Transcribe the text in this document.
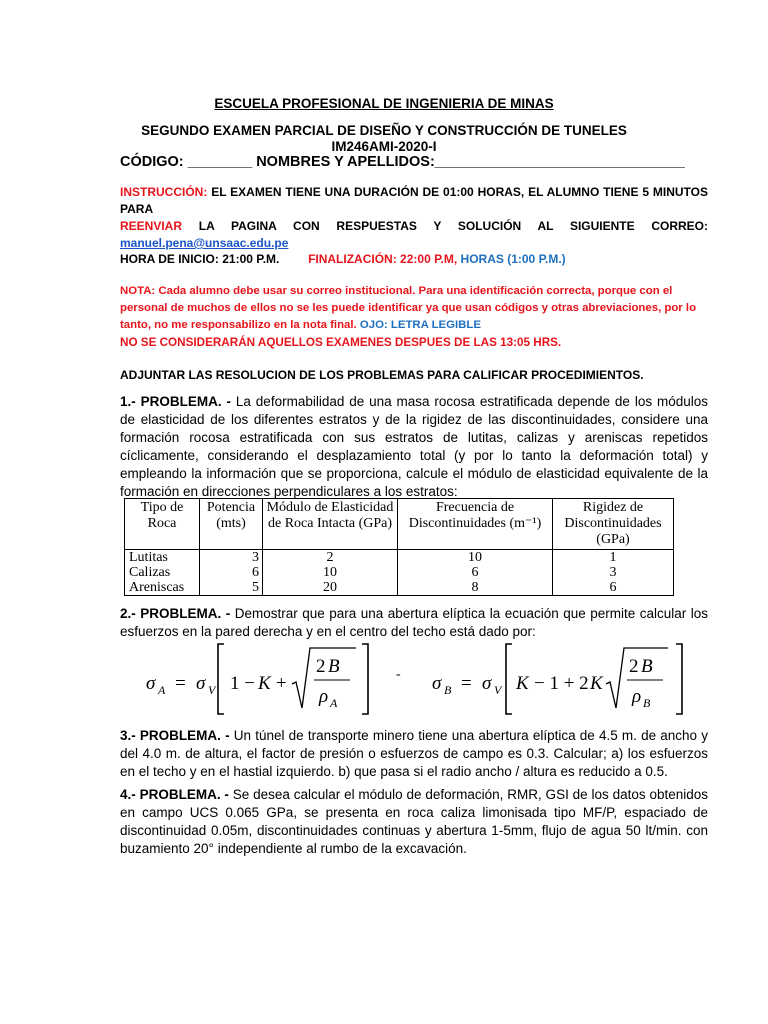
ESCUELA PROFESIONAL DE INGENIERIA DE MINAS
SEGUNDO EXAMEN PARCIAL DE DISEÑO Y CONSTRUCCIÓN DE TUNELES
IM246AMI-2020-I
CÓDIGO: ________ NOMBRES Y APELLIDOS:_______________________________
INSTRUCCIÓN: EL EXAMEN TIENE UNA DURACIÓN DE 01:00 HORAS, EL ALUMNO TIENE 5 MINUTOS PARA
REENVIAR LA PAGINA CON RESPUESTAS Y SOLUCIÓN AL SIGUIENTE CORREO:
manuel.pena@unsaac.edu.pe
HORA DE INICIO: 21:00 P.M. FINALIZACIÓN: 22:00 P.M, HORAS (1:00 P.M.)
NOTA: Cada alumno debe usar su correo institucional. Para una identificación correcta, porque con el personal de muchos de ellos no se les puede identificar ya que usan códigos y otras abreviaciones, por lo tanto, no me responsabilizo en la nota final. OJO: LETRA LEGIBLE
NO SE CONSIDERARÁN AQUELLOS EXAMENES DESPUES DE LAS 13:05 HRS.
ADJUNTAR LAS RESOLUCION DE LOS PROBLEMAS PARA CALIFICAR PROCEDIMIENTOS.
1.- PROBLEMA. - La deformabilidad de una masa rocosa estratificada depende de los módulos de elasticidad de los diferentes estratos y de la rigidez de las discontinuidades, considere una formación rocosa estratificada con sus estratos de lutitas, calizas y areniscas repetidos cíclicamente, considerando el desplazamiento total (y por lo tanto la deformación total) y empleando la información que se proporciona, calcule el módulo de elasticidad equivalente de la formación en direcciones perpendiculares a los estratos:
Tipo de Roca	Potencia (mts)	Módulo de Elasticidad de Roca Intacta (GPa)	Frecuencia de Discontinuidades (m⁻¹)	Rigidez de Discontinuidades (GPa)
Lutitas	3	2	10	1
Calizas	6	10	6	3
Areniscas	5	20	8	6
2.- PROBLEMA. - Demostrar que para una abertura elíptica la ecuación que permite calcular los esfuerzos en la pared derecha y en el centro del techo está dado por:
σ A = σ V 1 − K +
2 B
ρ A
- σ B = σ V K − 1 + 2 K
2 B
ρ B
3.- PROBLEMA. - Un túnel de transporte minero tiene una abertura elíptica de 4.5 m. de ancho y del 4.0 m. de altura, el factor de presión o esfuerzos de campo es 0.3. Calcular; a) los esfuerzos en el techo y en el hastial izquierdo. b) que pasa si el radio ancho / altura es reducido a 0.5.
4.- PROBLEMA. - Se desea calcular el módulo de deformación, RMR, GSI de los datos obtenidos en campo UCS 0.065 GPa, se presenta en roca caliza limonisada tipo MF/P, espaciado de discontinuidad 0.05m, discontinuidades continuas y abertura 1-5mm, flujo de agua 50 lt/min. con buzamiento 20° independiente al rumbo de la excavación.
